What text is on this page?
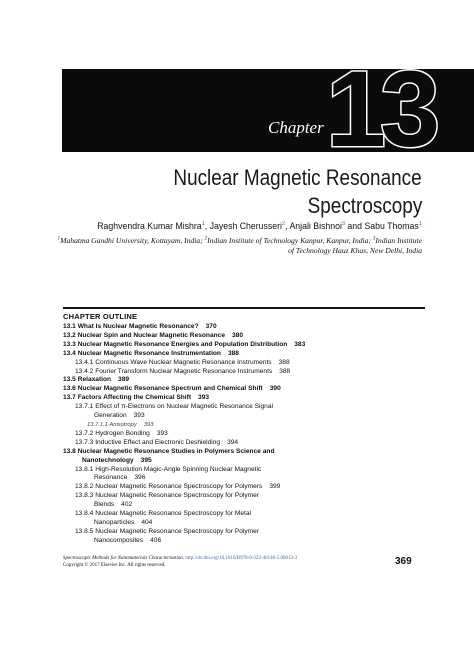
Chapter 13
Nuclear Magnetic Resonance
Spectroscopy
Raghvendra Kumar Mishra$^1$, Jayesh Cherusseri$^2$, Anjali Bishnoi$^3$ and Sabu Thomas$^1$
$^1$Mahatma Gandhi University, Kottayam, India; $^2$Indian Institute of Technology Kanpur, Kanpur, India; $^3$Indian Institute
of Technology Hauz Khas, New Delhi, India
CHAPTER OUTLINE
13.1 What Is Nuclear Magnetic Resonance? 370
13.2 Nuclear Spin and Nuclear Magnetic Resonance 380
13.3 Nuclear Magnetic Resonance Energies and Population Distribution 383
13.4 Nuclear Magnetic Resonance Instrumentation 388
13.4.1 Continuous Wave Nuclear Magnetic Resonance Instruments 388
13.4.2 Fourier Transform Nuclear Magnetic Resonance Instruments 388
13.5 Relaxation 389
13.6 Nuclear Magnetic Resonance Spectrum and Chemical Shift 390
13.7 Factors Affecting the Chemical Shift 393
13.7.1 Effect of π-Electrons on Nuclear Magnetic Resonance Signal
Generation 393
13.7.1.1 Anisotropy 393
13.7.2 Hydrogen Bonding 393
13.7.3 Inductive Effect and Electronic Deshielding 394
13.8 Nuclear Magnetic Resonance Studies in Polymers Science and
Nanotechnology 395
13.8.1 High-Resolution Magic-Angle Spinning Nuclear Magnetic
Resonance 396
13.8.2 Nuclear Magnetic Resonance Spectroscopy for Polymers 399
13.8.3 Nuclear Magnetic Resonance Spectroscopy for Polymer
Blends 402
13.8.4 Nuclear Magnetic Resonance Spectroscopy for Metal
Nanoparticles 404
13.8.5 Nuclear Magnetic Resonance Spectroscopy for Polymer
Nanocomposites 406
Spectroscopic Methods for Nanomaterials Characterization. http://dx.doi.org/10.1016/B978-0-323-46140-5.00013-3
Copyright © 2017 Elsevier Inc. All rights reserved.	369
